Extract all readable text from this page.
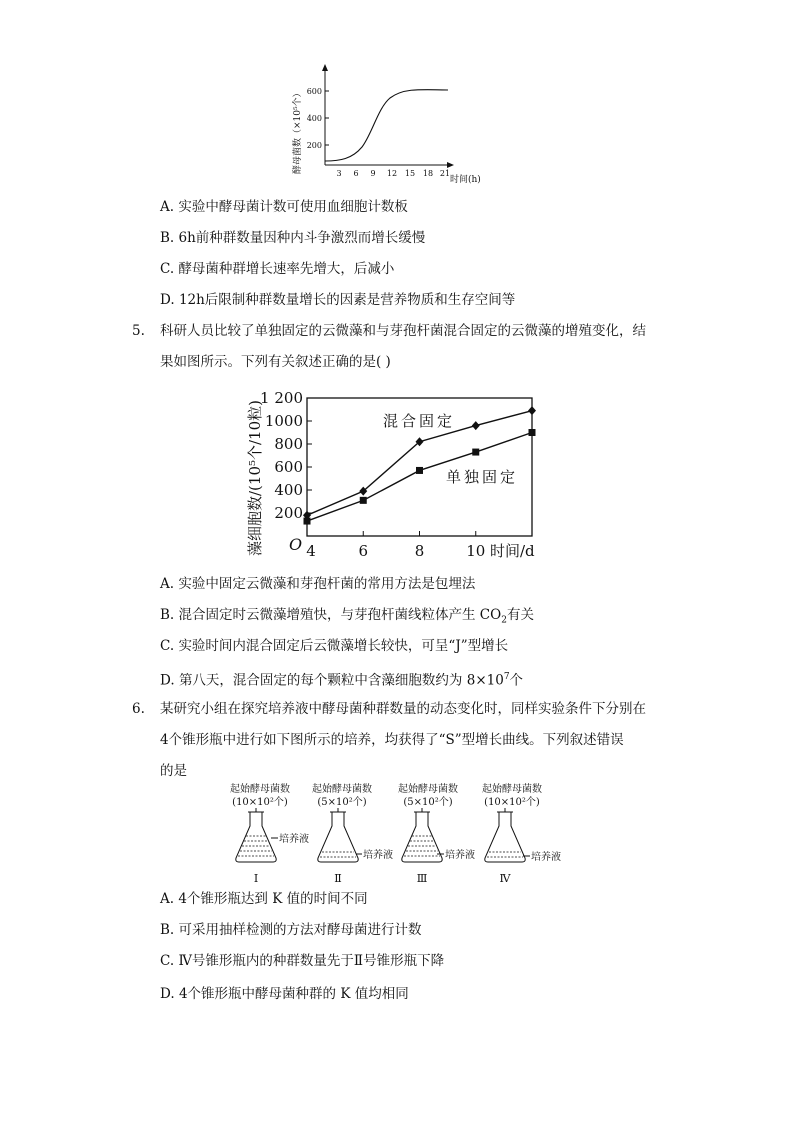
200
400
600
3 6 9 12 15 18 21
时间(h)
酵母菌数（×10⁵个）
A. 实验中酵母菌计数可使用血细胞计数板
B. 6h前种群数量因种内斗争激烈而增长缓慢
C. 酵母菌种群增长速率先增大，后减小
D. 12h后限制种群数量增长的因素是营养物质和生存空间等
5. 科研人员比较了单独固定的云微藻和与芽孢杆菌混合固定的云微藻的增殖变化，结
果如图所示。下列有关叙述正确的是( )
藻细胞数/(10⁵个/10粒) O	时间/d
混合固定
单独固定
200
400
600
800
1000
1 200
4	6	8	10
A. 实验中固定云微藻和芽孢杆菌的常用方法是包埋法
B. 混合固定时云微藻增殖快，与芽孢杆菌线粒体产生 $CO_2$有关
C. 实验时间内混合固定后云微藻增长较快，可呈“J”型增长
D. 第八天，混合固定的每个颗粒中含藻细胞数约为 $8\times 10^7$个
6. 某研究小组在探究培养液中酵母菌种群数量的动态变化时，同样实验条件下分别在
4个锥形瓶中进行如下图所示的培养，均获得了“S”型增长曲线。下列叙述错误
的是
起始酵母菌数
(10×10²个)
培养液
Ⅰ
起始酵母菌数
(5×10²个)
培养液
Ⅱ
起始酵母菌数
(5×10²个)
培养液
Ⅲ
起始酵母菌数
(10×10²个)
培养液
Ⅳ
A. 4个锥形瓶达到 K 值的时间不同
B. 可采用抽样检测的方法对酵母菌进行计数
C. Ⅳ号锥形瓶内的种群数量先于Ⅱ号锥形瓶下降
D. 4个锥形瓶中酵母菌种群的 K 值均相同
